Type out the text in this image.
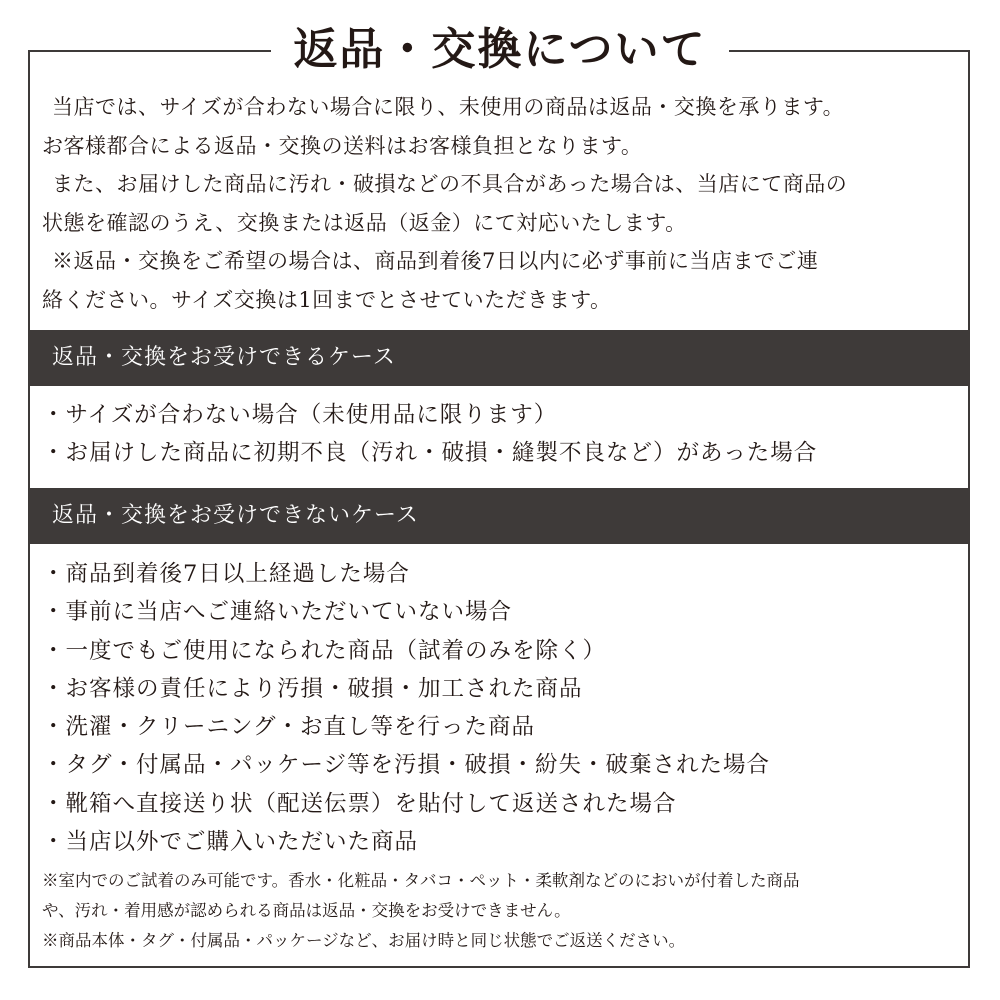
返品・交換について

当店では、サイズが合わない場合に限り、未使用の商品は返品・交換を承ります。

お客様都合による返品・交換の送料はお客様負担となります。

また、お届けした商品に汚れ・破損などの不具合があった場合は、当店にて商品の

状態を確認のうえ、交換または返品（返金）にて対応いたします。

※返品・交換をご希望の場合は、商品到着後7日以内に必ず事前に当店までご連

絡ください。サイズ交換は1回までとさせていただきます。

返品・交換をお受けできるケース
・サイズが合わない場合（未使用品に限ります）
・お届けした商品に初期不良（汚れ・破損・縫製不良など）があった場合
返品・交換をお受けできないケース
・商品到着後7日以上経過した場合
・事前に当店へご連絡いただいていない場合
・一度でもご使用になられた商品（試着のみを除く）
・お客様の責任により汚損・破損・加工された商品
・洗濯・クリーニング・お直し等を行った商品
・タグ・付属品・パッケージ等を汚損・破損・紛失・破棄された場合
・靴箱へ直接送り状（配送伝票）を貼付して返送された場合
・当店以外でご購入いただいた商品

※室内でのご試着のみ可能です。香水・化粧品・タバコ・ペット・柔軟剤などのにおいが付着した商品

や、汚れ・着用感が認められる商品は返品・交換をお受けできません。

※商品本体・タグ・付属品・パッケージなど、お届け時と同じ状態でご返送ください。
